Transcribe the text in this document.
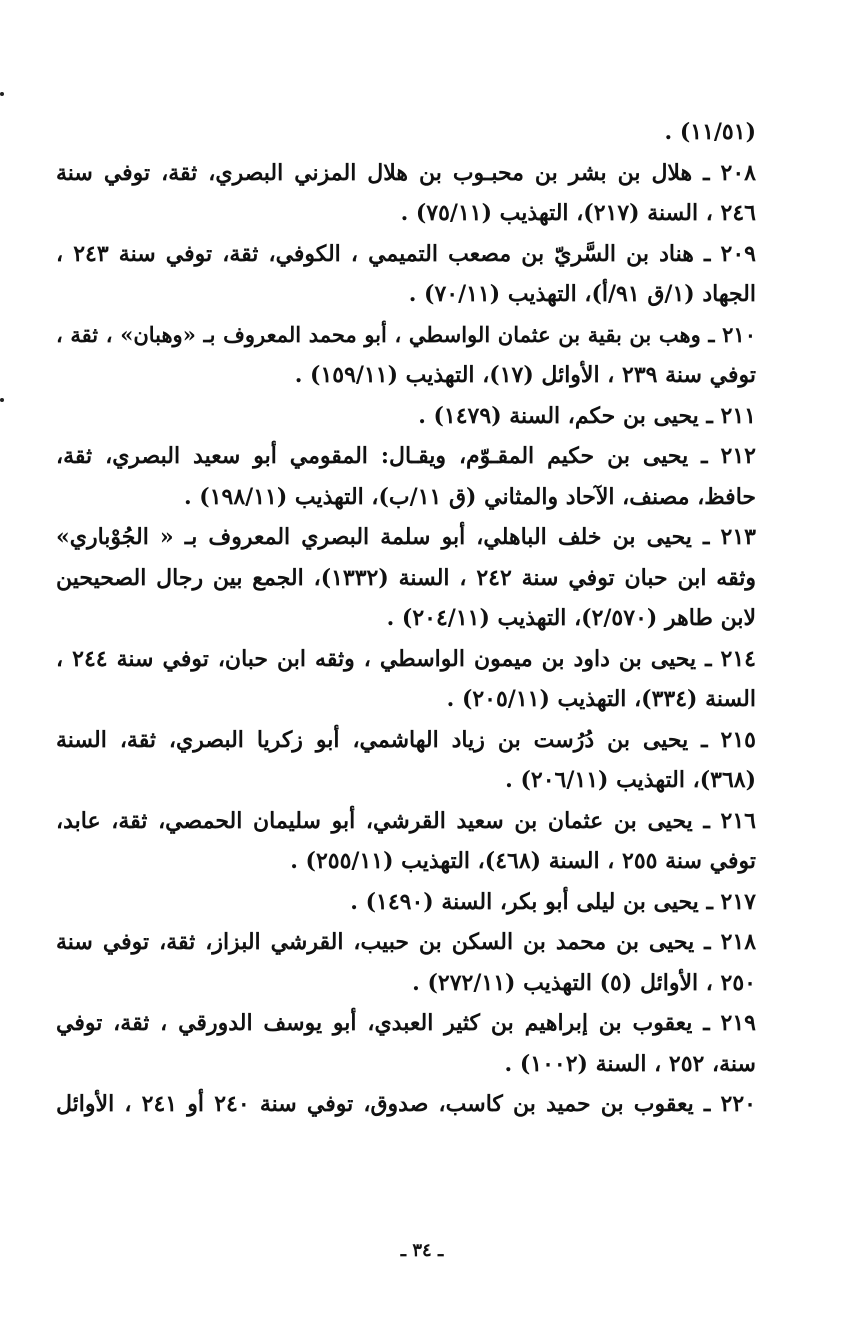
(١١/٥١) .
٢٠٨ ـ هلال بن بشر بن محبـوب بن هلال المزني البصري، ثقة، توفي سنة
٢٤٦ ، السنة (٢١٧)، التهذيب (٧٥/١١) .
٢٠٩ ـ هناد بن السَّريّ بن مصعب التميمي ، الكوفي، ثقة، توفي سنة ٢٤٣ ،
الجهاد (١/ق ٩١/أ)، التهذيب (٧٠/١١) .
٢١٠ ـ وهب بن بقية بن عثمان الواسطي ، أبو محمد المعروف بـ «وهبان» ، ثقة ،
توفي سنة ٢٣٩ ، الأوائل (١٧)، التهذيب (١٥٩/١١) .
٢١١ ـ يحيى بن حكم، السنة (١٤٧٩) .
٢١٢ ـ يحيى بن حكيم المقـوّم، ويقـال: المقومي أبو سعيد البصري، ثقة،
حافظ، مصنف، الآحاد والمثاني (ق ١١/ب)، التهذيب (١٩٨/١١) .
٢١٣ ـ يحيى بن خلف الباهلي، أبو سلمة البصري المعروف بـ « الجُوْباري»
وثقه ابن حبان توفي سنة ٢٤٢ ، السنة (١٣٣٢)، الجمع بين رجال الصحيحين
لابن طاهر (٢/٥٧٠)، التهذيب (٢٠٤/١١) .
٢١٤ ـ يحيى بن داود بن ميمون الواسطي ، وثقه ابن حبان، توفي سنة ٢٤٤ ،
السنة (٣٣٤)، التهذيب (٢٠٥/١١) .
٢١٥ ـ يحيى بن دُرُست بن زياد الهاشمي، أبو زكريا البصري، ثقة، السنة
(٣٦٨)، التهذيب (٢٠٦/١١) .
٢١٦ ـ يحيى بن عثمان بن سعيد القرشي، أبو سليمان الحمصي، ثقة، عابد،
توفي سنة ٢٥٥ ، السنة (٤٦٨)، التهذيب (٢٥٥/١١) .
٢١٧ ـ يحيى بن ليلى أبو بكر، السنة (١٤٩٠) .
٢١٨ ـ يحيى بن محمد بن السكن بن حبيب، القرشي البزاز، ثقة، توفي سنة
٢٥٠ ، الأوائل (٥) التهذيب (٢٧٢/١١) .
٢١٩ ـ يعقوب بن إبراهيم بن كثير العبدي، أبو يوسف الدورقي ، ثقة، توفي
سنة، ٢٥٢ ، السنة (١٠٠٢) .
٢٢٠ ـ يعقوب بن حميد بن كاسب، صدوق، توفي سنة ٢٤٠ أو ٢٤١ ، الأوائل
ـ ٣٤ ـ
